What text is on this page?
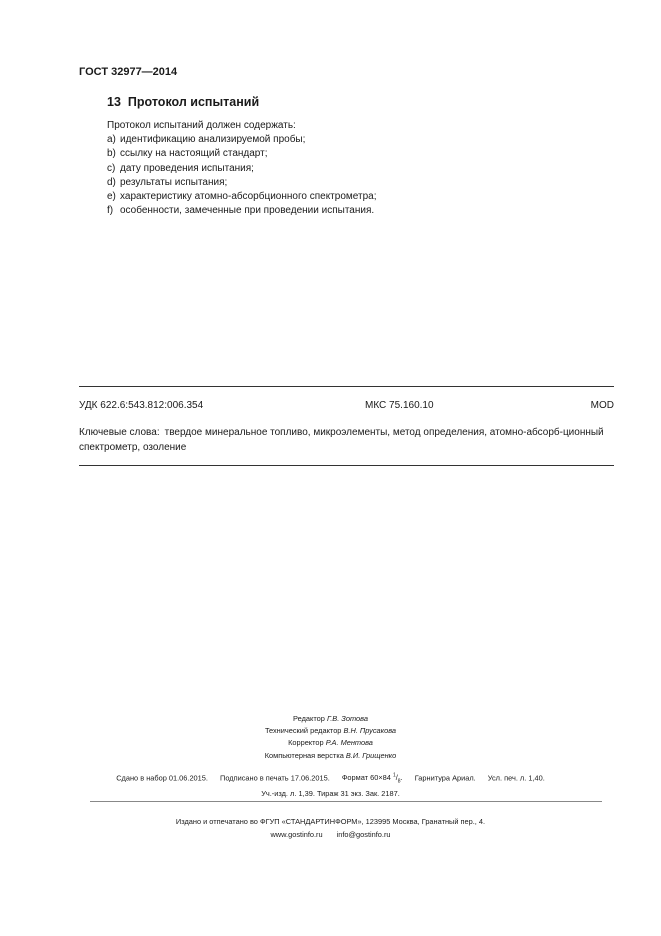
ГОСТ 32977—2014
13 Протокол испытаний
Протокол испытаний должен содержать:
a) идентификацию анализируемой пробы;
b) ссылку на настоящий стандарт;
c) дату проведения испытания;
d) результаты испытания;
e) характеристику атомно-абсорбционного спектрометра;
f) особенности, замеченные при проведении испытания.
УДК 622.6:543.812:006.354	МКС 75.160.10	MOD
Ключевые слова: твердое минеральное топливо, микроэлементы, метод определения, атомно-абсорб-ционный спектрометр, озоление
Редактор Г.В. Зотова
Технический редактор В.Н. Прусакова
Корректор Р.А. Ментова
Компьютерная верстка В.И. Грищенко
Сдано в набор 01.06.2015. Подписано в печать 17.06.2015. Формат 60×84 $^1/_8$. Гарнитура Ариал. Усл. печ. л. 1,40.
Уч.-изд. л. 1,39. Тираж 31 экз. Зак. 2187.
Издано и отпечатано во ФГУП «СТАНДАРТИНФОРМ», 123995 Москва, Гранатный пер., 4.
www.gostinfo.ru info@gostinfo.ru
